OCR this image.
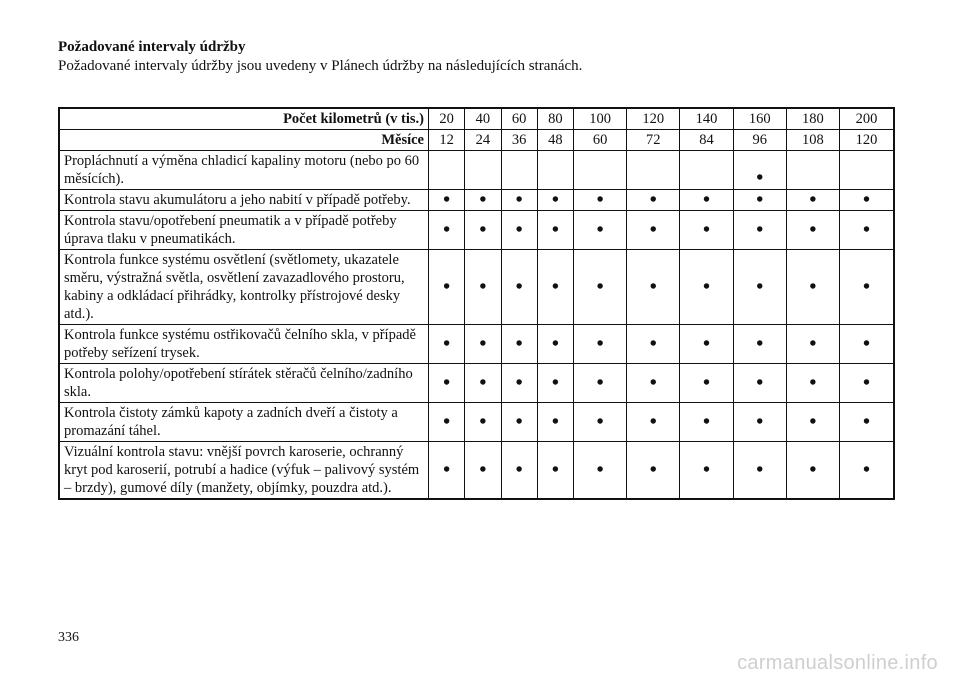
Požadované intervaly údržby
Požadované intervaly údržby jsou uvedeny v Plánech údržby na následujících stranách.
Počet kilometrů (v tis.)	20	40	60	80	100	120	140	160	180	200
Měsíce	12	24	36	48	60	72	84	96	108	120
Propláchnutí a výměna chladicí kapaliny motoru (nebo po 60 měsících).								•		
Kontrola stavu akumulátoru a jeho nabití v případě potřeby.	•	•	•	•	•	•	•	•	•	•
Kontrola stavu/opotřebení pneumatik a v případě potřeby úprava tlaku v pneumatikách.	•	•	•	•	•	•	•	•	•	•
Kontrola funkce systému osvětlení (světlomety, ukazatele směru, výstražná světla, osvětlení zavazadlového prostoru, kabiny a odkládací přihrádky, kontrolky přístrojové desky atd.).	•	•	•	•	•	•	•	•	•	•
Kontrola funkce systému ostřikovačů čelního skla, v případě potřeby seřízení trysek.	•	•	•	•	•	•	•	•	•	•
Kontrola polohy/opotřebení stírátek stěračů čelního/zadního skla.	•	•	•	•	•	•	•	•	•	•
Kontrola čistoty zámků kapoty a zadních dveří a čistoty a promazání táhel.	•	•	•	•	•	•	•	•	•	•
Vizuální kontrola stavu: vnější povrch karoserie, ochranný kryt pod karoserií, potrubí a hadice (výfuk – palivový systém – brzdy), gumové díly (manžety, objímky, pouzdra atd.).	•	•	•	•	•	•	•	•	•	•
336
carmanualsonline.info
